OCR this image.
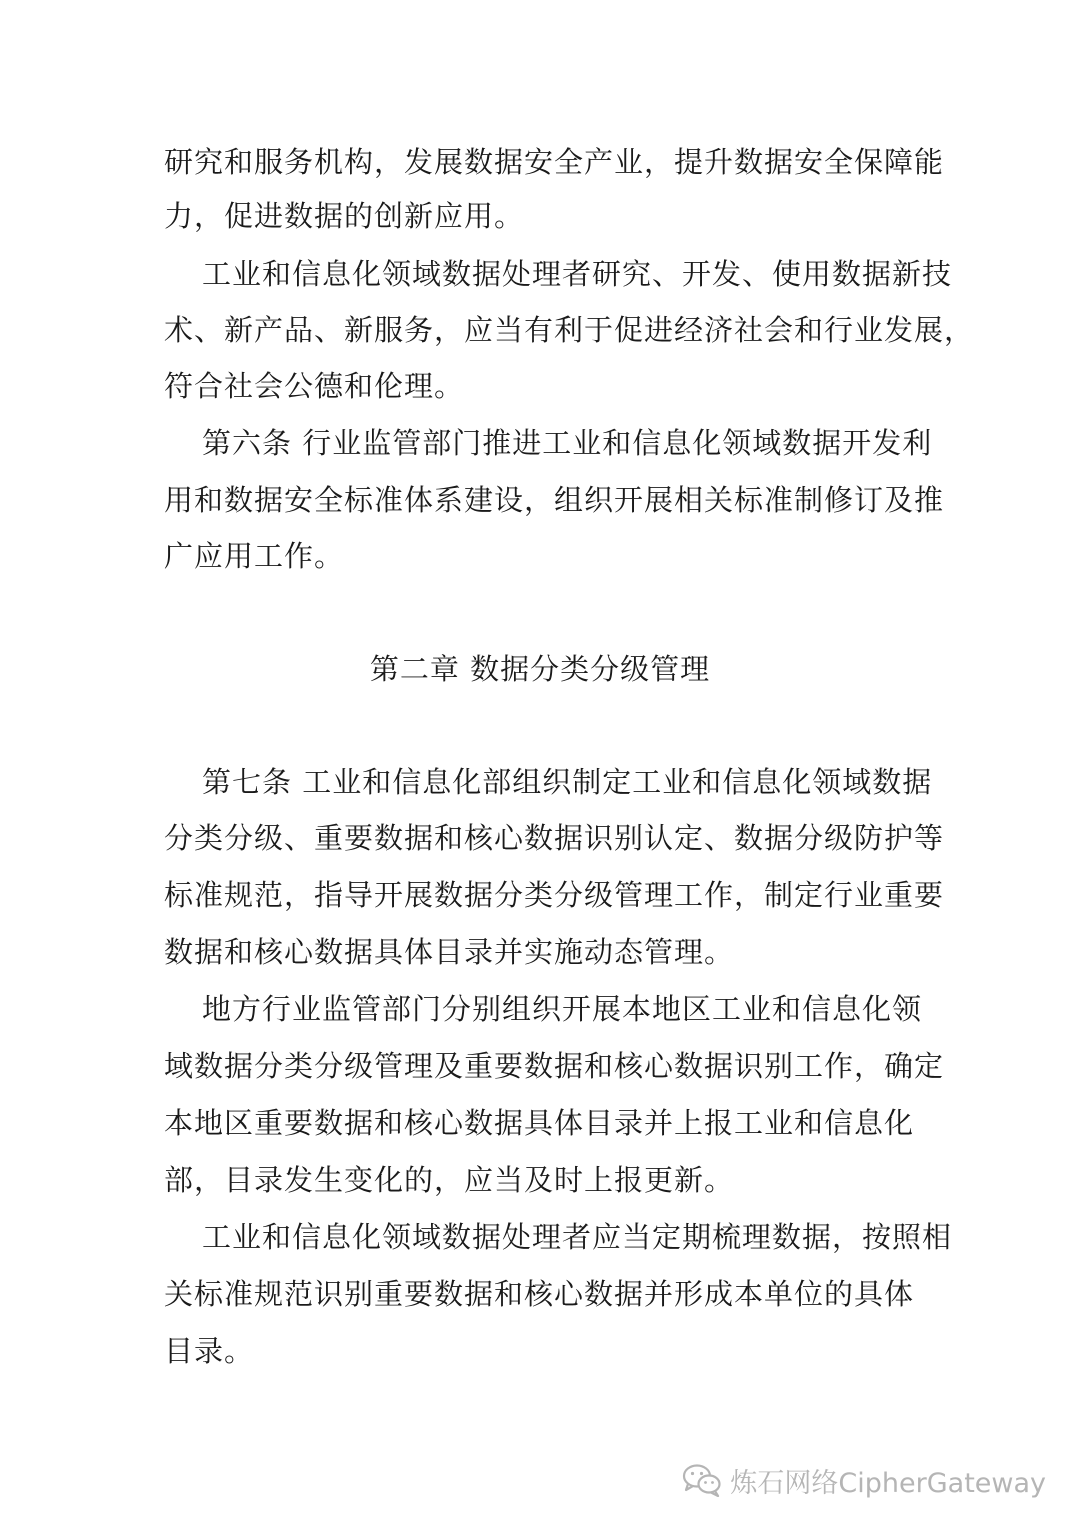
研究和服务机构，发展数据安全产业，提升数据安全保障能
力，促进数据的创新应用。
工业和信息化领域数据处理者研究、开发、使用数据新技
术、新产品、新服务，应当有利于促进经济社会和行业发展，
符合社会公德和伦理。
第六条 行业监管部门推进工业和信息化领域数据开发利
用和数据安全标准体系建设，组织开展相关标准制修订及推
广应用工作。
第二章 数据分类分级管理
第七条 工业和信息化部组织制定工业和信息化领域数据
分类分级、重要数据和核心数据识别认定、数据分级防护等
标准规范，指导开展数据分类分级管理工作，制定行业重要
数据和核心数据具体目录并实施动态管理。
地方行业监管部门分别组织开展本地区工业和信息化领
域数据分类分级管理及重要数据和核心数据识别工作，确定
本地区重要数据和核心数据具体目录并上报工业和信息化
部，目录发生变化的，应当及时上报更新。
工业和信息化领域数据处理者应当定期梳理数据，按照相
关标准规范识别重要数据和核心数据并形成本单位的具体
目录。
炼石网络CipherGateway
